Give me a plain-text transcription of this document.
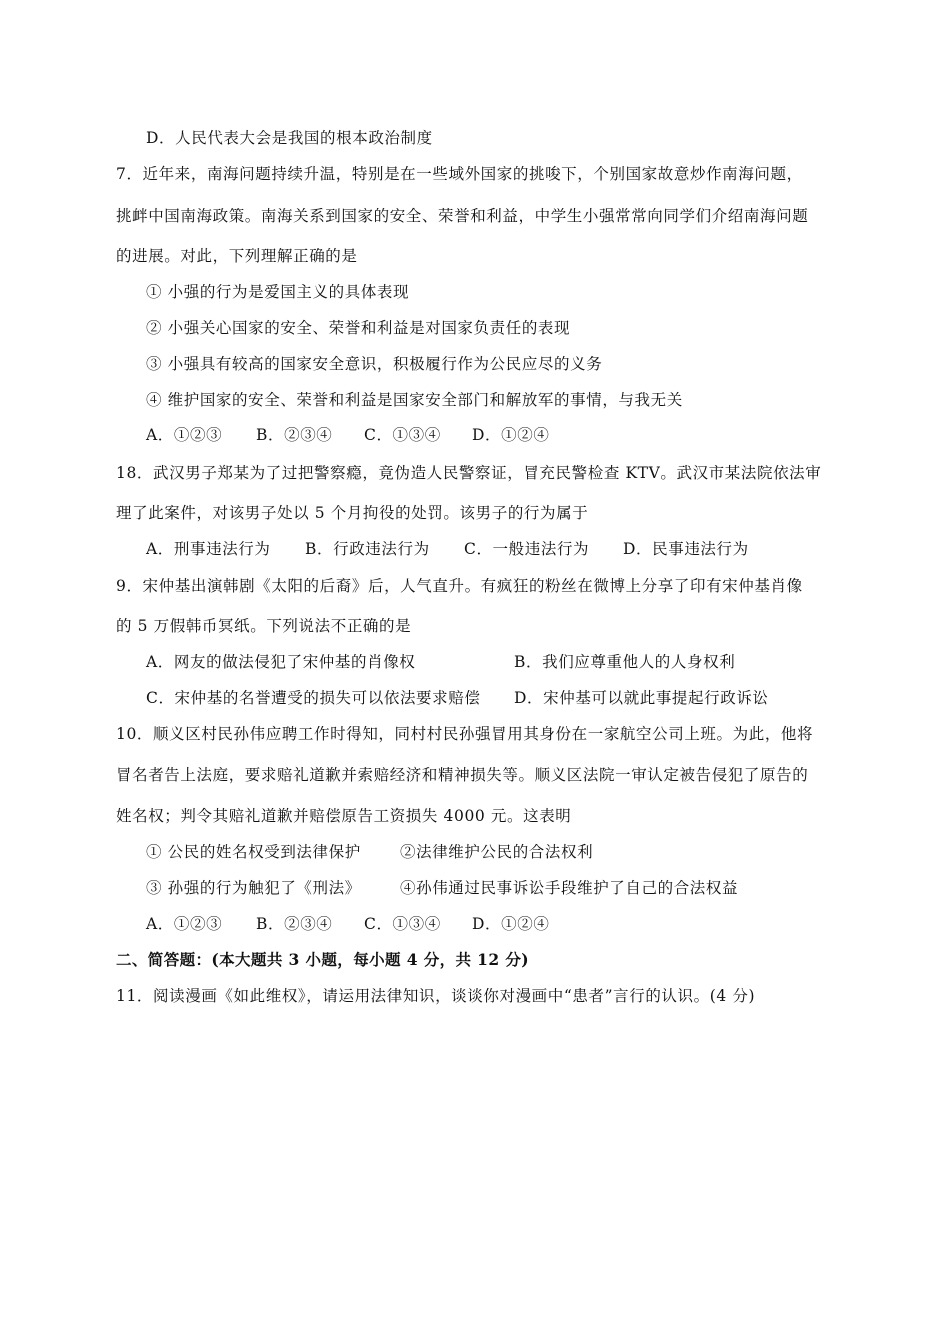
D．人民代表大会是我国的根本政治制度
7．近年来，南海问题持续升温，特别是在一些域外国家的挑唆下，个别国家故意炒作南海问题，
挑衅中国南海政策。南海关系到国家的安全、荣誉和利益，中学生小强常常向同学们介绍南海问题
的进展。对此，下列理解正确的是
① 小强的行为是爱国主义的具体表现
② 小强关心国家的安全、荣誉和利益是对国家负责任的表现
③ 小强具有较高的国家安全意识，积极履行作为公民应尽的义务
④ 维护国家的安全、荣誉和利益是国家安全部门和解放军的事情，与我无关
A．①②③ B．②③④ C．①③④ D．①②④
18．武汉男子郑某为了过把警察瘾，竟伪造人民警察证，冒充民警检查 KTV。武汉市某法院依法审
理了此案件，对该男子处以 5 个月拘役的处罚。该男子的行为属于
A．刑事违法行为 B．行政违法行为 C．一般违法行为 D．民事违法行为
9．宋仲基出演韩剧《太阳的后裔》后，人气直升。有疯狂的粉丝在微博上分享了印有宋仲基肖像
的 5 万假韩币冥纸。下列说法不正确的是
A．网友的做法侵犯了宋仲基的肖像权	B．我们应尊重他人的人身权利
C．宋仲基的名誉遭受的损失可以依法要求赔偿 D．宋仲基可以就此事提起行政诉讼
10．顺义区村民孙伟应聘工作时得知，同村村民孙强冒用其身份在一家航空公司上班。为此，他将
冒名者告上法庭，要求赔礼道歉并索赔经济和精神损失等。顺义区法院一审认定被告侵犯了原告的
姓名权；判令其赔礼道歉并赔偿原告工资损失 4000 元。这表明
① 公民的姓名权受到法律保护	②法律维护公民的合法权利
③ 孙强的行为触犯了《刑法》	④孙伟通过民事诉讼手段维护了自己的合法权益
A．①②③ B．②③④ C．①③④ D．①②④
二、简答题：(本大题共 3 小题，每小题 4 分，共 12 分)
11．阅读漫画《如此维权》，请运用法律知识，谈谈你对漫画中“患者”言行的认识。(4 分)
